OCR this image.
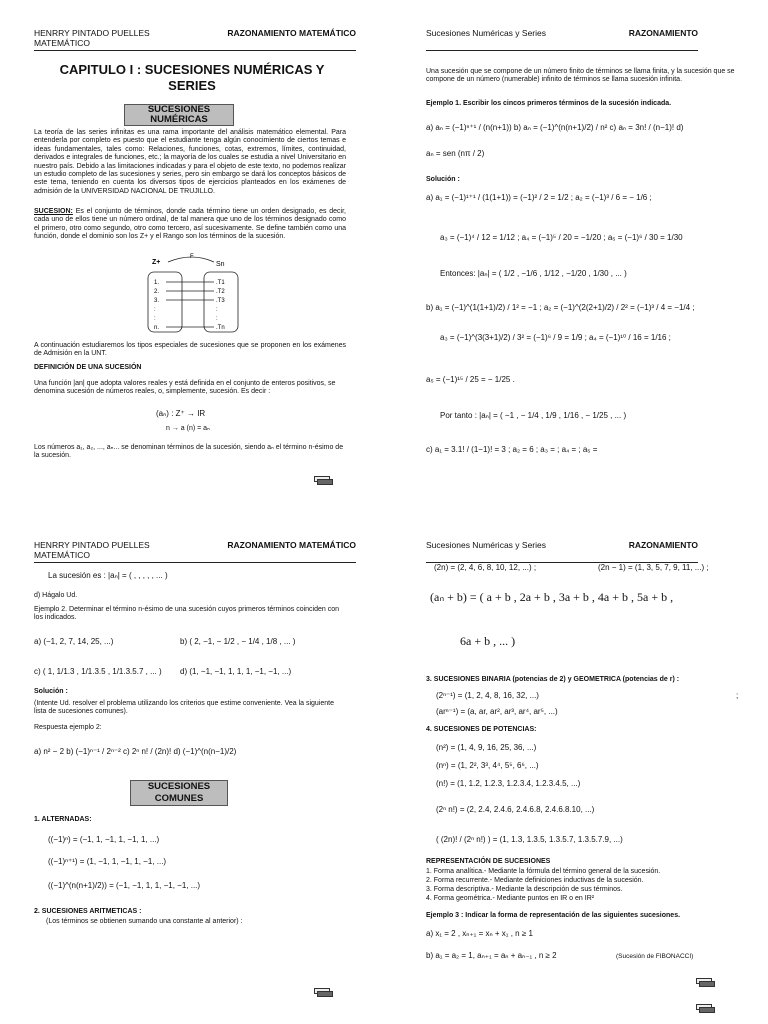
HENRRY PINTADO PUELLES MATEMÁTICO
RAZONAMIENTO MATEMÁTICO
CAPITULO I : SUCESIONES NUMÉRICAS Y SERIES
SUCESIONES NUMÉRICAS
La teoría de las series infinitas es una rama importante del análisis matemático elemental. Para entenderla por completo es puesto que el estudiante tenga algún conocimiento de ciertos temas e ideas fundamentales, tales como: Relaciones, funciones, cotas, extremos, límites, continuidad, derivados e integrales de funciones, etc.; la mayoría de los cuales se estudia a nivel Universitario en nuestro país. Debido a las limitaciones indicadas y para el objeto de este texto, no podemos realizar un estudio completo de las sucesiones y series, pero sin embargo se dará los conceptos básicos de este tema, teniendo en cuenta los diversos tipos de ejercicios planteados en los exámenes de admisión de la UNIVERSIDAD NACIONAL DE TRUJILLO.
SUCESION: Es el conjunto de términos, donde cada término tiene un orden designado, es decir, cada uno de ellos tiene un número ordinal, de tal manera que uno de los términos designado como el primero, otro como segundo, otro como tercero, así sucesivamente. Se define también como una función, donde el dominio son los Z+ y el Rango son los términos de la sucesión.
Z+
F
Sn
1.	.T1
2.	.T2
3.	.T3
:	:
:	:
n.	.Tn
A continuación estudiaremos los tipos especiales de sucesiones que se proponen en los exámenes de Admisión en la UNT.
DEFINICIÓN DE UNA SUCESIÓN
Una función |an| que adopta valores reales y está definida en el conjunto de enteros positivos, se denomina sucesión de números reales, o, simplemente, sucesión. Es decir :
(aₙ) : Z⁺ → IR
n → a (n) = aₙ
Los números a₁, a₂, ..., aₙ... se denominan términos de la sucesión, siendo aₙ el término n-ésimo de la sucesión.
Sucesiones Numéricas y Series	RAZONAMIENTO
Una sucesión que se compone de un número finito de términos se llama finita, y la sucesión que se compone de un número (numerable) infinito de términos se llama sucesión infinita.
Ejemplo 1. Escribir los cincos primeros términos de la sucesión indicada.
a) aₙ = (−1)ⁿ⁺¹ / (n(n+1)) b) aₙ = (−1)^(n(n+1)/2) / n² c) aₙ = 3n! / (n−1)! d)
aₙ = sen (nπ / 2)
Solución :
a) a₁ = (−1)¹⁺¹ / (1(1+1)) = (−1)² / 2 = 1/2 ; a₂ = (−1)³ / 6 = − 1/6 ;
a₃ = (−1)⁴ / 12 = 1/12 ; a₄ = (−1)⁵ / 20 = −1/20 ; a₅ = (−1)⁶ / 30 = 1/30
Entonces: |aₙ| = ( 1/2 , −1/6 , 1/12 , −1/20 , 1/30 , ... )
b) a₁ = (−1)^(1(1+1)/2) / 1² = −1 ; a₂ = (−1)^(2(2+1)/2) / 2² = (−1)³ / 4 = −1/4 ;
a₃ = (−1)^(3(3+1)/2) / 3² = (−1)⁶ / 9 = 1/9 ; a₄ = (−1)¹⁰ / 16 = 1/16 ;
a₅ = (−1)¹⁵ / 25 = − 1/25 .
Por tanto : |aₙ| = ( −1 , − 1/4 , 1/9 , 1/16 , − 1/25 , ... )
c) a₁ = 3.1! / (1−1)! = 3 ; a₂ = 6 ; a₃ = ; a₄ = ; a₅ =
HENRRY PINTADO PUELLES MATEMÁTICO
RAZONAMIENTO MATEMÁTICO
La sucesión es : |aₙ| = ( , , , , , ... )
d) Hágalo Ud.
Ejemplo 2. Determinar el término n-ésimo de una sucesión cuyos primeros términos coinciden con los indicados.
a) (−1, 2, 7, 14, 25, ...)	b) ( 2, −1, − 1/2 , − 1/4 , 1/8 , ... )
c) ( 1, 1/1.3 , 1/1.3.5 , 1/1.3.5.7 , ... ) d) (1, −1, −1, 1, 1, 1, −1, −1, ...)
Solución :
(Intente Ud. resolver el problema utilizando los criterios que estime conveniente. Vea la siguiente lista de sucesiones comunes).
Respuesta ejemplo 2:
a) n² − 2 b) (−1)ⁿ⁻¹ / 2ⁿ⁻² c) 2ⁿ n! / (2n)! d) (−1)^(n(n−1)/2)
SUCESIONES COMUNES
1. ALTERNADAS:
((−1)ⁿ) = (−1, 1, −1, 1, −1, 1, ...)
((−1)ⁿ⁺¹) = (1, −1, 1, −1, 1, −1, ...)
((−1)^(n(n+1)/2)) = (−1, −1, 1, 1, −1, −1, ...)
2. SUCESIONES ARITMETICAS :
(Los términos se obtienen sumando una constante al anterior) :
Sucesiones Numéricas y Series	RAZONAMIENTO
(2n) = (2, 4, 6, 8, 10, 12, ...) ;	(2n − 1) = (1, 3, 5, 7, 9, 11, ...) ;
(aₙ + b) = ( a + b , 2a + b , 3a + b , 4a + b , 5a + b ,
6a + b , ... )
3. SUCESIONES BINARIA (potencias de 2) y GEOMETRICA (potencias de r) :
(2ⁿ⁻¹) = (1, 2, 4, 8, 16, 32, ...)	;
(arⁿ⁻¹) = (a, ar, ar², ar³, ar⁴, ar⁵, ...)
4. SUCESIONES DE POTENCIAS:
(n²) = (1, 4, 9, 16, 25, 36, ...)
(nⁿ) = (1, 2², 3³, 4⁴, 5⁵, 6⁶, ...)
(n!) = (1, 1.2, 1.2.3, 1.2.3.4, 1.2.3.4.5, ...)
(2ⁿ n!) = (2, 2.4, 2.4.6, 2.4.6.8, 2.4.6.8.10, ...)
( (2n)! / (2ⁿ n!) ) = (1, 1.3, 1.3.5, 1.3.5.7, 1.3.5.7.9, ...)
REPRESENTACIÓN DE SUCESIONES
1. Forma analítica.- Mediante la fórmula del término general de la sucesión.
2. Forma recurrente.- Mediante definiciones inductivas de la sucesión.
3. Forma descriptiva.- Mediante la descripción de sus términos.
4. Forma geométrica.- Mediante puntos en IR o en IR²
Ejemplo 3 : Indicar la forma de representación de las siguientes sucesiones.
a) x₁ = 2 , xₙ₊₁ = xₙ + x₁ , n ≥ 1
b) a₁ = a₂ = 1, aₙ₊₁ = aₙ + aₙ₋₁ , n ≥ 2	(Sucesión de FIBONACCI)
